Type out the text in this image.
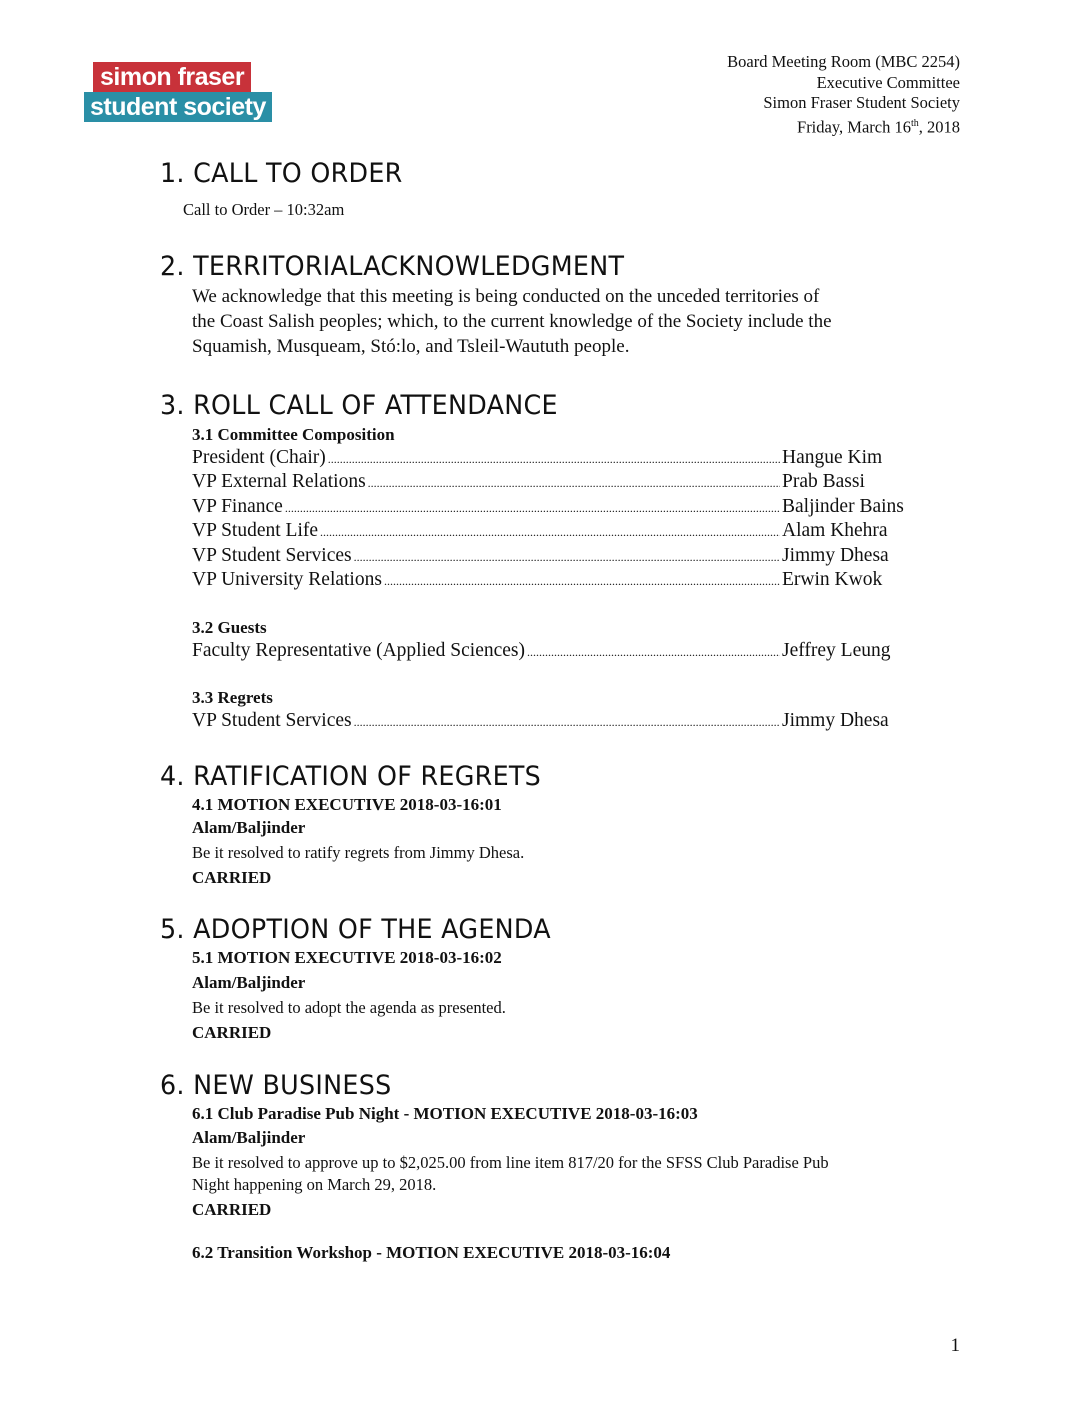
simon fraser
student society
Board Meeting Room (MBC 2254)
Executive Committee
Simon Fraser Student Society
Friday, March 16th, 2018
1. CALL TO ORDER
Call to Order – 10:32am
2. TERRITORIALACKNOWLEDGMENT
We acknowledge that this meeting is being conducted on the unceded territories of
the Coast Salish peoples; which, to the current knowledge of the Society include the
Squamish, Musqueam, Stó:lo, and Tsleil-Waututh people.
3. ROLL CALL OF ATTENDANCE
3.1 Committee Composition
President (Chair) .....	Hangue Kim
VP External Relations .....	Prab Bassi
VP Finance .....	Baljinder Bains
VP Student Life .....	Alam Khehra
VP Student Services .....	Jimmy Dhesa
VP University Relations .....	Erwin Kwok
3.2 Guests
Faculty Representative (Applied Sciences) .....	Jeffrey Leung
3.3 Regrets
VP Student Services .....	Jimmy Dhesa
4. RATIFICATION OF REGRETS
4.1 MOTION EXECUTIVE 2018-03-16:01
Alam/Baljinder
Be it resolved to ratify regrets from Jimmy Dhesa.
CARRIED
5. ADOPTION OF THE AGENDA
5.1 MOTION EXECUTIVE 2018-03-16:02
Alam/Baljinder
Be it resolved to adopt the agenda as presented.
CARRIED
6. NEW BUSINESS
6.1 Club Paradise Pub Night - MOTION EXECUTIVE 2018-03-16:03
Alam/Baljinder
Be it resolved to approve up to $2,025.00 from line item 817/20 for the SFSS Club Paradise Pub
Night happening on March 29, 2018.
CARRIED
6.2 Transition Workshop - MOTION EXECUTIVE 2018-03-16:04
1
